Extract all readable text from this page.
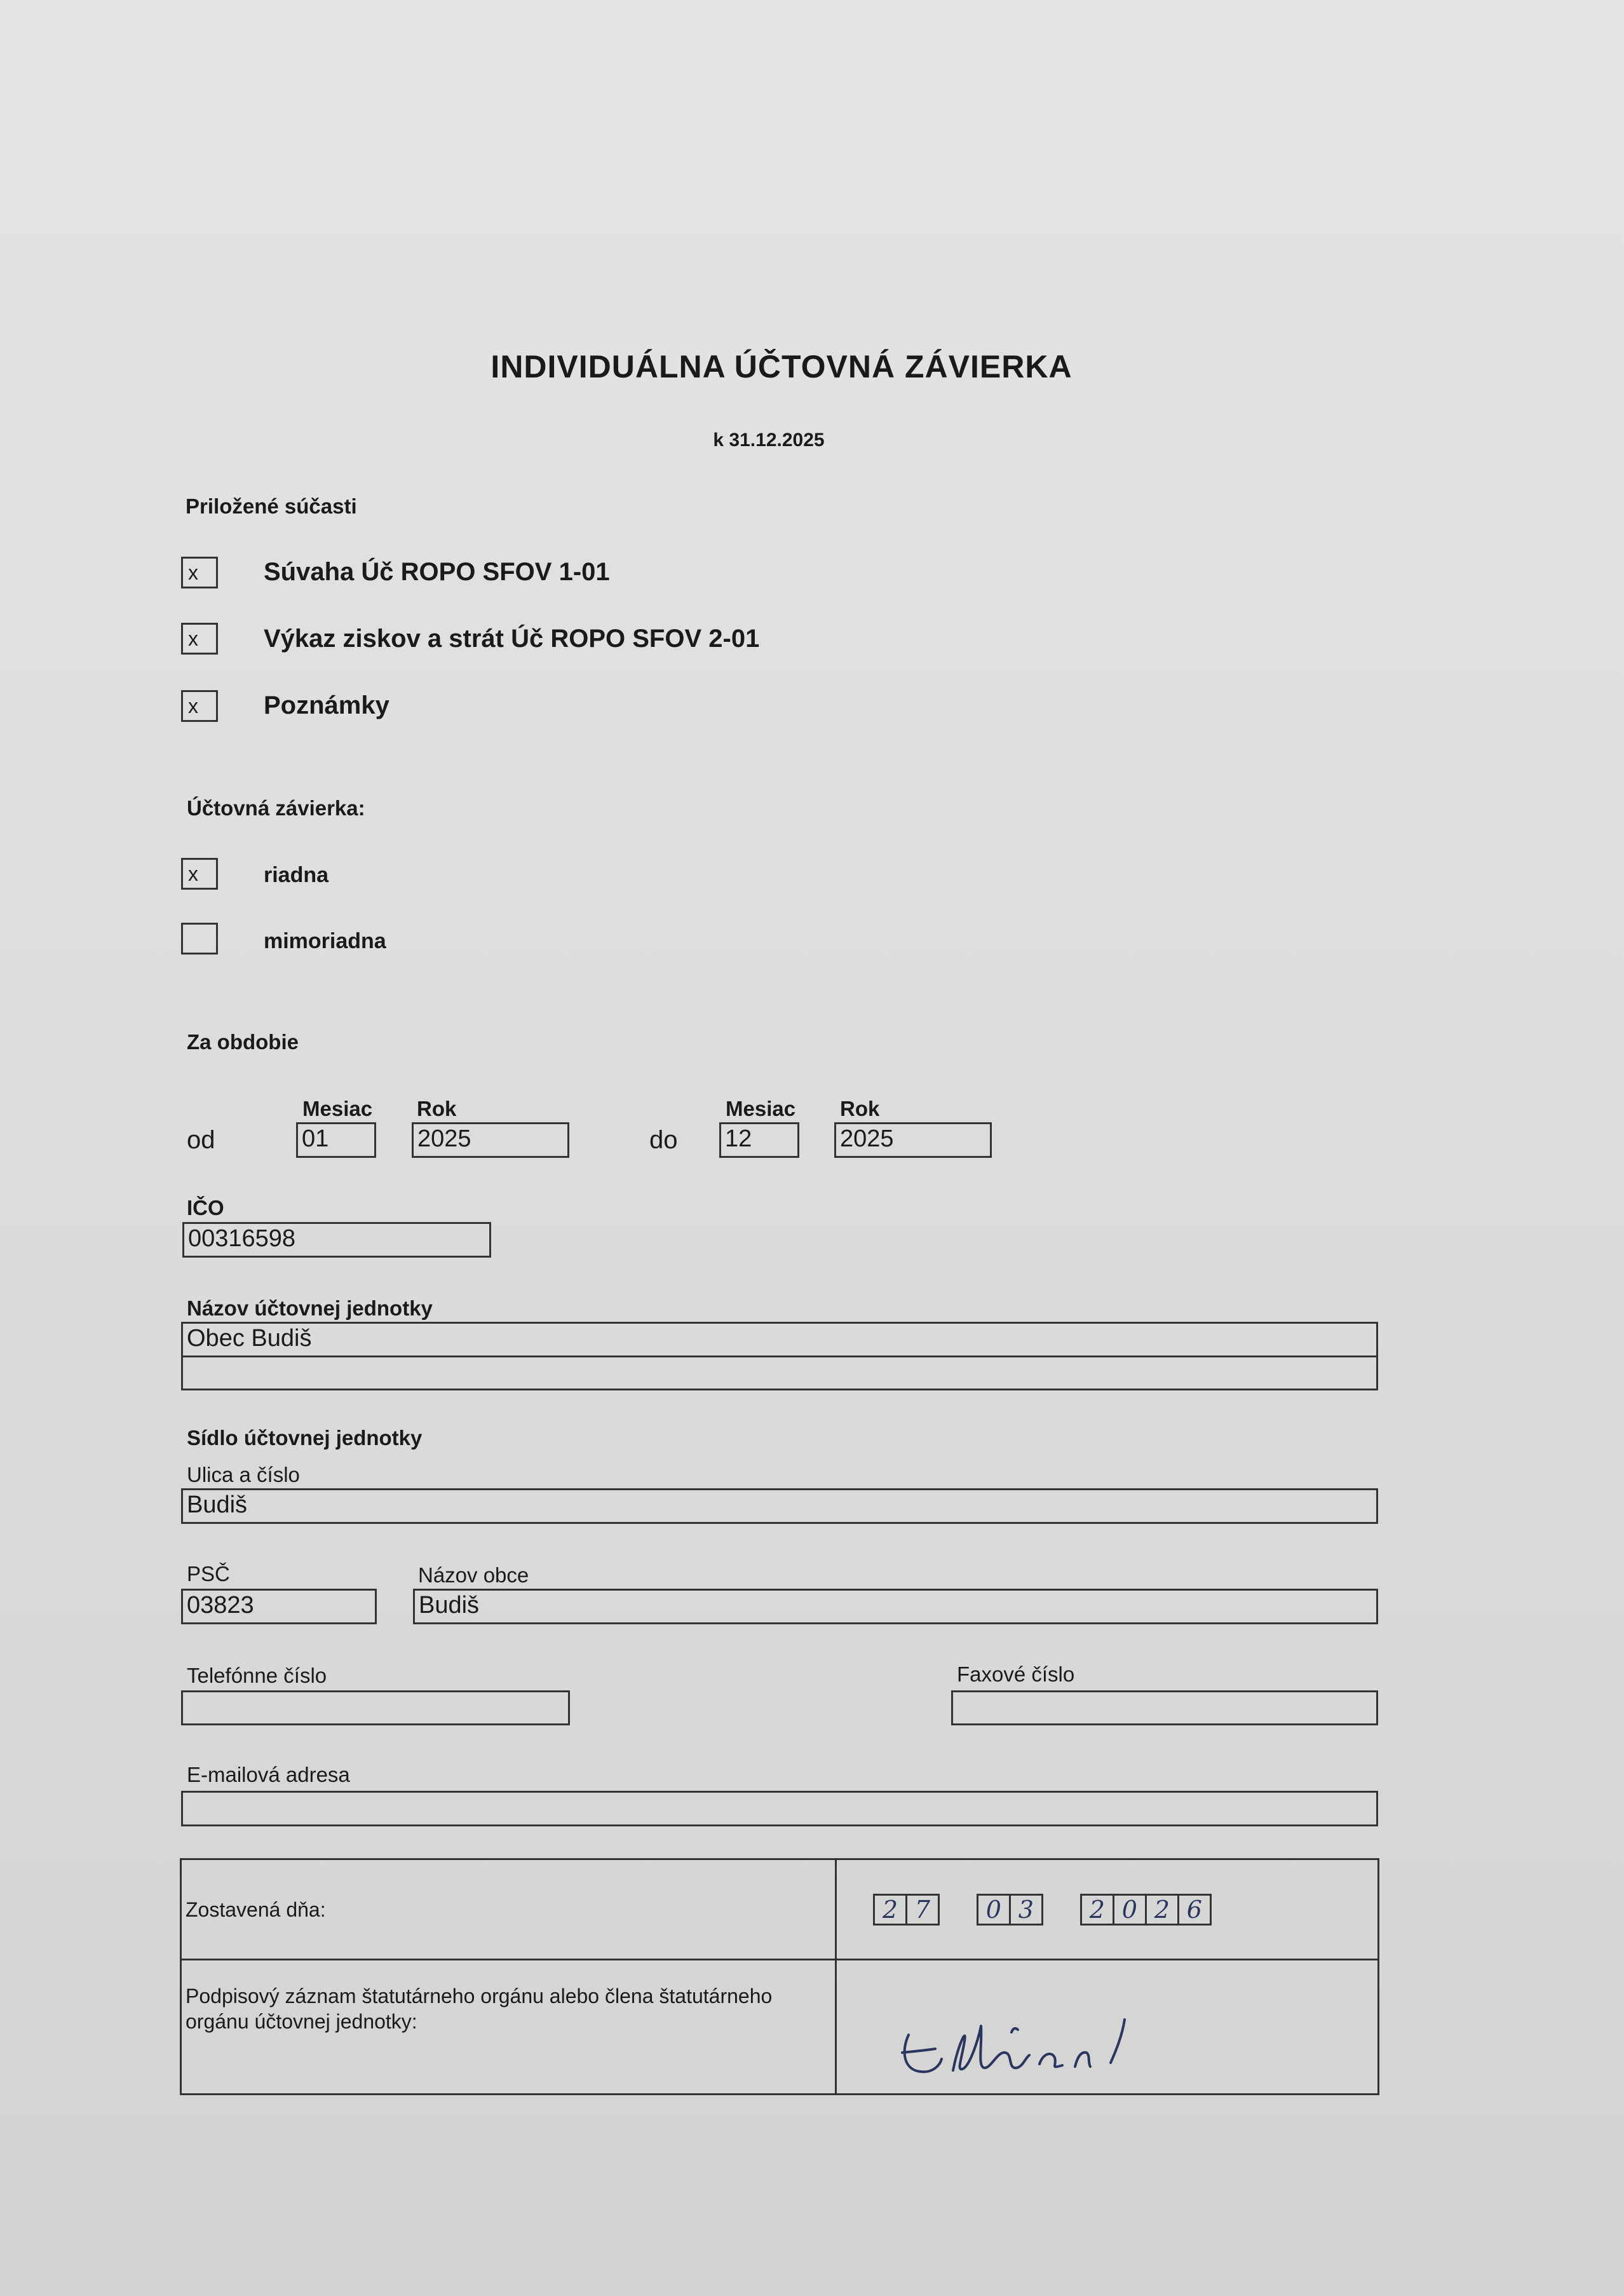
INDIVIDUÁLNA ÚČTOVNÁ ZÁVIERKA
k 31.12.2025
Priložené súčasti
x	Súvaha Úč ROPO SFOV 1-01
x	Výkaz ziskov a strát Úč ROPO SFOV 2-01
x	Poznámky
Účtovná závierka:
x	riadna
mimoriadna
Za obdobie
Mesiac Rok	Mesiac Rok
od	01	2025	do 12	2025
IČO
00316598
Názov účtovnej jednotky
Obec Budiš
Sídlo účtovnej jednotky
Ulica a číslo
Budiš
PSČ
03823
Názov obce
Budiš
Telefónne číslo	Faxové číslo
E-mailová adresa
Zostavená dňa:	2 7 0 3 2 0 2 6
Podpisový záznam štatutárneho orgánu alebo člena štatutárneho orgánu účtovnej jednotky:	
